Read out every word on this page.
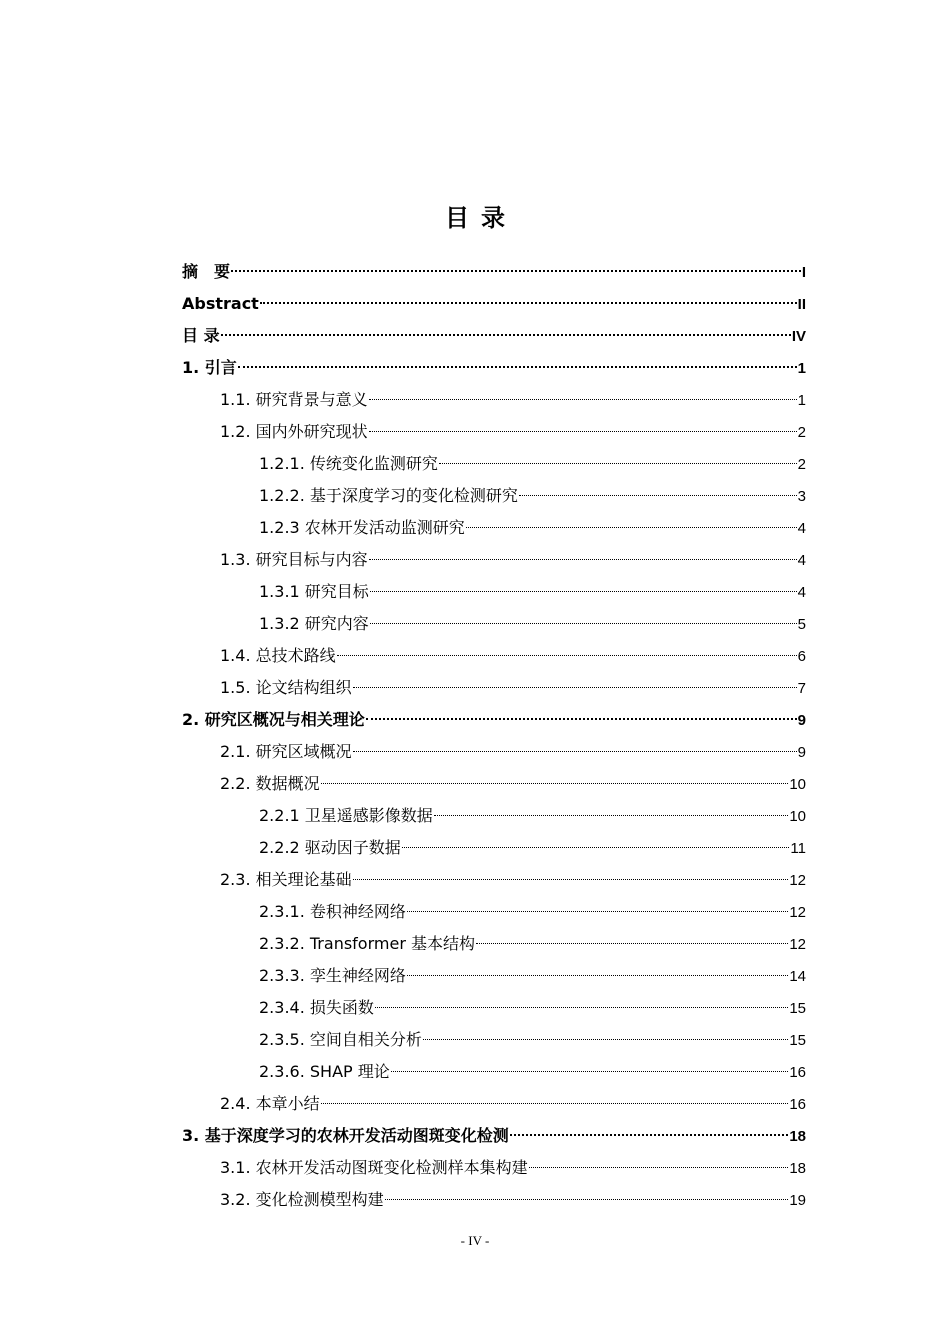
目录
摘　要	I
Abstract	II
目 录	IV
1. 引言	1
1.1. 研究背景与意义	1
1.2. 国内外研究现状	2
1.2.1. 传统变化监测研究	2
1.2.2. 基于深度学习的变化检测研究	3
1.2.3 农林开发活动监测研究	4
1.3. 研究目标与内容	4
1.3.1 研究目标	4
1.3.2 研究内容	5
1.4. 总技术路线	6
1.5. 论文结构组织	7
2. 研究区概况与相关理论	9
2.1. 研究区域概况	9
2.2. 数据概况	10
2.2.1 卫星遥感影像数据	10
2.2.2 驱动因子数据	11
2.3. 相关理论基础	12
2.3.1. 卷积神经网络	12
2.3.2. Transformer 基本结构	12
2.3.3. 孪生神经网络	14
2.3.4. 损失函数	15
2.3.5. 空间自相关分析	15
2.3.6. SHAP 理论	16
2.4. 本章小结	16
3. 基于深度学习的农林开发活动图斑变化检测	18
3.1. 农林开发活动图斑变化检测样本集构建	18
3.2. 变化检测模型构建	19
- IV -
